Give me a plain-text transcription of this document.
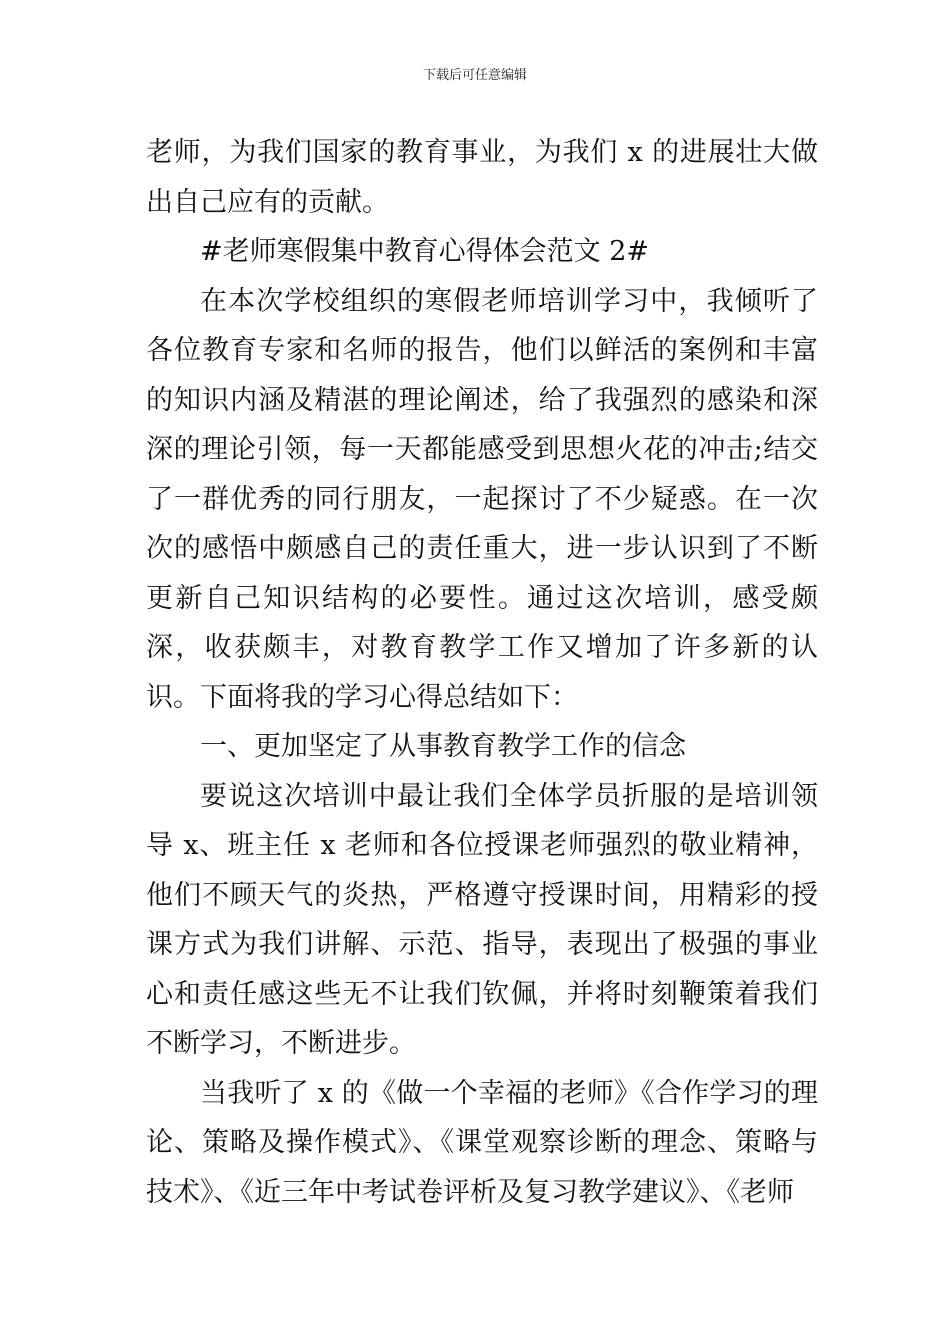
下载后可任意编辑

老师，为我们国家的教育事业，为我们 x 的进展壮大做出自己应有的贡献。

#老师寒假集中教育心得体会范文 2#

在本次学校组织的寒假老师培训学习中，我倾听了各位教育专家和名师的报告，他们以鲜活的案例和丰富的知识内涵及精湛的理论阐述，给了我强烈的感染和深深的理论引领，每一天都能感受到思想火花的冲击;结交了一群优秀的同行朋友，一起探讨了不少疑惑。在一次次的感悟中颇感自己的责任重大，进一步认识到了不断更新自己知识结构的必要性。通过这次培训，感受颇深，收获颇丰，对教育教学工作又增加了许多新的认识。下面将我的学习心得总结如下：

一、更加坚定了从事教育教学工作的信念

要说这次培训中最让我们全体学员折服的是培训领导 x、班主任 x 老师和各位授课老师强烈的敬业精神，他们不顾天气的炎热，严格遵守授课时间，用精彩的授课方式为我们讲解、示范、指导，表现出了极强的事业心和责任感这些无不让我们钦佩，并将时刻鞭策着我们不断学习，不断进步。

当我听了 x 的《做一个幸福的老师》《合作学习的理论、策略及操作模式》、《课堂观察诊断的理念、策略与技术》、《近三年中考试卷评析及复习教学建议》、《老师
